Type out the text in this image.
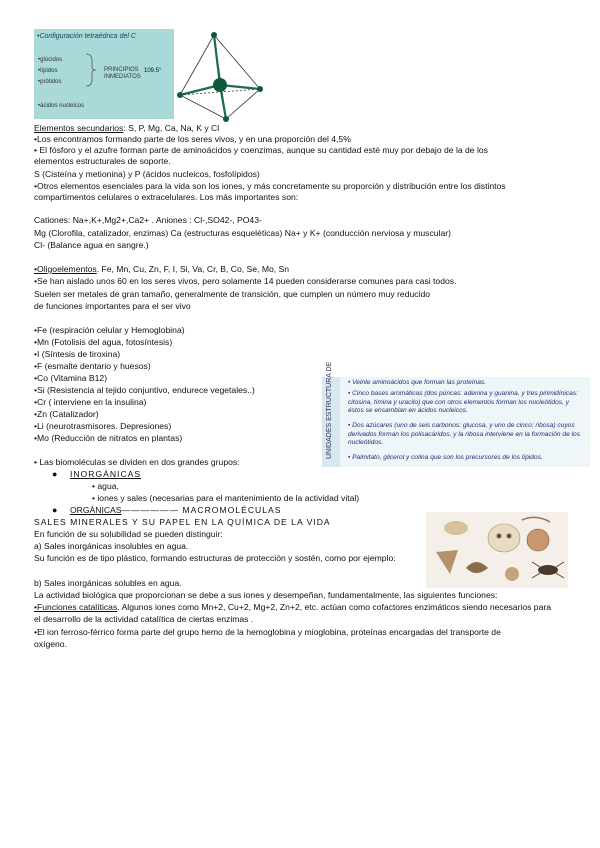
•Configuración tetraédrica del C
•glúcidos
•lípidos
•prótidos
•ácidos nucleicos
PRINCIPIOS
INMEDIATOS
109.5°
Elementos secundarios: S, P, Mg, Ca, Na, K y Cl
•Los encontramos formando parte de los seres vivos, y en una proporción del 4,5%
• El fósforo y el azufre forman parte de aminoácidos y coenzimas, aunque su cantidad esté muy por debajo de la de los
elementos estructurales de soporte.
S (Cisteína y metionina) y P (ácidos nucleicos, fosfolípidos)
•Otros elementos esenciales para la vida son los iones, y más concretamente su proporción y distribución entre los distintos
compartimentos celulares o extracelulares. Los más importantes son:
Cationes: Na+,K+,Mg2+,Ca2+ . Aniones : Cl-,SO42-, PO43-
Mg (Clorofila, catalizador, enzimas) Ca (estructuras esqueléticas) Na+ y K+ (conducción nerviosa y muscular)
Cl- (Balance agua en sangre.)
•Oligoelementos. Fe, Mn, Cu, Zn, F, I, Si, Va, Cr, B, Co, Se, Mo, Sn
•Se han aislado unos 60 en los seres vivos, pero solamente 14 pueden considerarse comunes para casi todos.
Suelen ser metales de gran tamaño, generalmente de transición, que cumplen un número muy reducido
de funciones importantes para el ser vivo
•Fe (respiración celular y Hemoglobina)
•Mn (Fotolisis del agua, fotosíntesis)
•I (Síntesis de tiroxina)
•F (esmalte dentario y huesos)
•Co (Vitamina B12)
•Si (Resistencia al tejido conjuntivo, endurece vegetales..)
•Cr ( interviene en la insulina)
•Zn (Catalizador)
•Li (neurotrasmisores. Depresiones)
•Mo (Reducción de nitratos en plantas)
• Las biomoléculas se dividen en dos grandes grupos:
●     INORGÁNICAS
• agua,
• iones y sales (necesarias para el mantenimiento de la actividad vital)
●     ORGÁNICAS—————— MACROMOLÉCULAS
SALES MINERALES Y SU PAPEL EN LA QUÍMICA DE LA VIDA
En función de su solubilidad se pueden distinguir:
a) Sales inorgánicas insolubles en agua.
Su función es de tipo plástico, formando estructuras de protección y sostén, como por ejemplo:
b) Sales inorgánicas solubles en agua.
La actividad biológica que proporcionan se debe a sus iones y desempeñan, fundamentalmente, las siguientes funciones:
•Funciones catalíticas. Algunos iones como Mn+2, Cu+2, Mg+2, Zn+2, etc. actúan como cofactores enzimáticos siendo necesarios para
el desarrollo de la actividad catalítica de ciertas enzimas .
•El ion ferroso-férrico forma parte del grupo hemo de la hemoglobina y mioglobina, proteínas encargadas del transporte de
oxígeno.
UNIDADES ESTRUCTURA DE	• Veinte aminoácidos que forman las proteínas.
• Cinco bases aromáticas (dos púricas: adenina y guanina, y tres pirimidínicas: citosina, timina y uracilo) que con otros elementos forman los nucleótidos, y éstos se ensamblan en ácidos nucleicos.
• Dos azúcares (uno de seis carbonos: glucosa, y uno de cinco: ribosa) cuyos derivados forman los polisacáridos, y la ribosa interviene en la formación de los nucleótidos.
• Palmitato, glicerol y colina que son los precursores de los lípidos.
